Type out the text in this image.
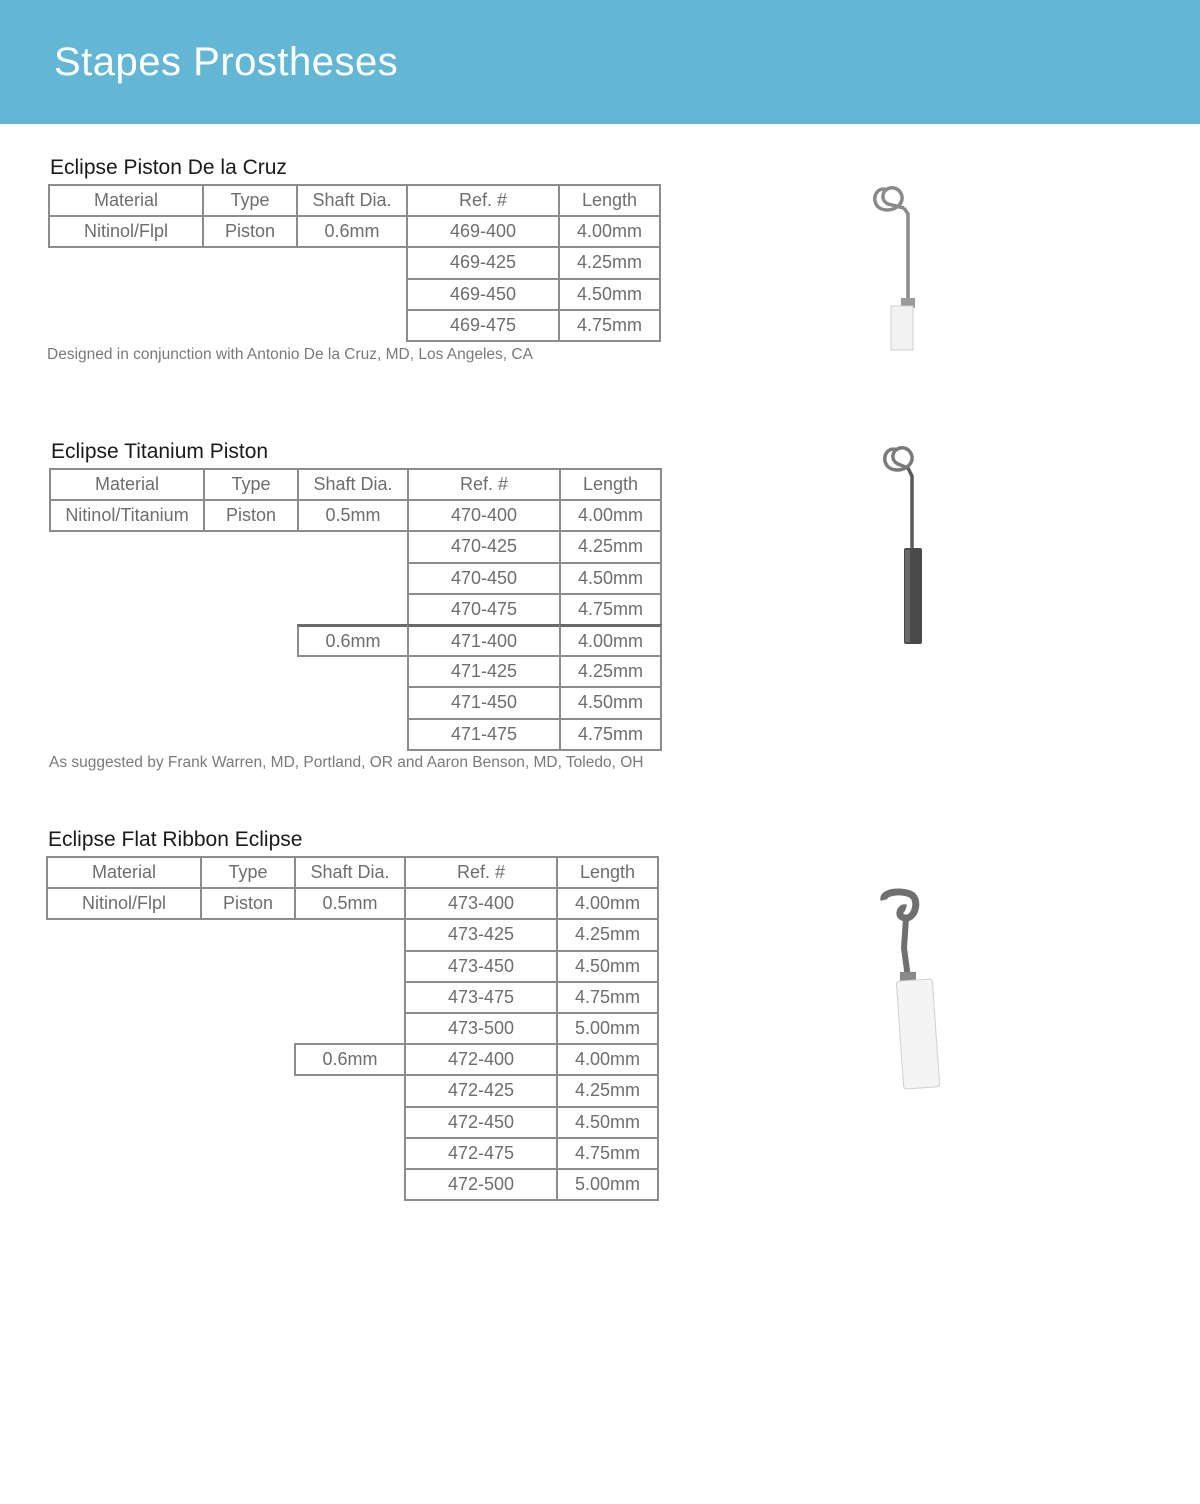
Stapes Prostheses
Eclipse Piston De la Cruz
Material	Type	Shaft Dia.	Ref. #	Length
Nitinol/Flpl	Piston	0.6mm	469-400	4.00mm
469-425	4.25mm
469-450	4.50mm
469-475	4.75mm
Designed in conjunction with Antonio De la Cruz, MD, Los Angeles, CA
Eclipse Titanium Piston
Material	Type	Shaft Dia.	Ref. #	Length
Nitinol/Titanium	Piston	0.5mm	470-400	4.00mm
470-425	4.25mm
470-450	4.50mm
470-475	4.75mm
0.6mm	471-400	4.00mm
471-425	4.25mm
471-450	4.50mm
471-475	4.75mm
As suggested by Frank Warren, MD, Portland, OR and Aaron Benson, MD, Toledo, OH
Eclipse Flat Ribbon Eclipse
Material	Type	Shaft Dia.	Ref. #	Length
Nitinol/Flpl	Piston	0.5mm	473-400	4.00mm
473-425	4.25mm
473-450	4.50mm
473-475	4.75mm
473-500	5.00mm
0.6mm	472-400	4.00mm
472-425	4.25mm
472-450	4.50mm
472-475	4.75mm
472-500	5.00mm
